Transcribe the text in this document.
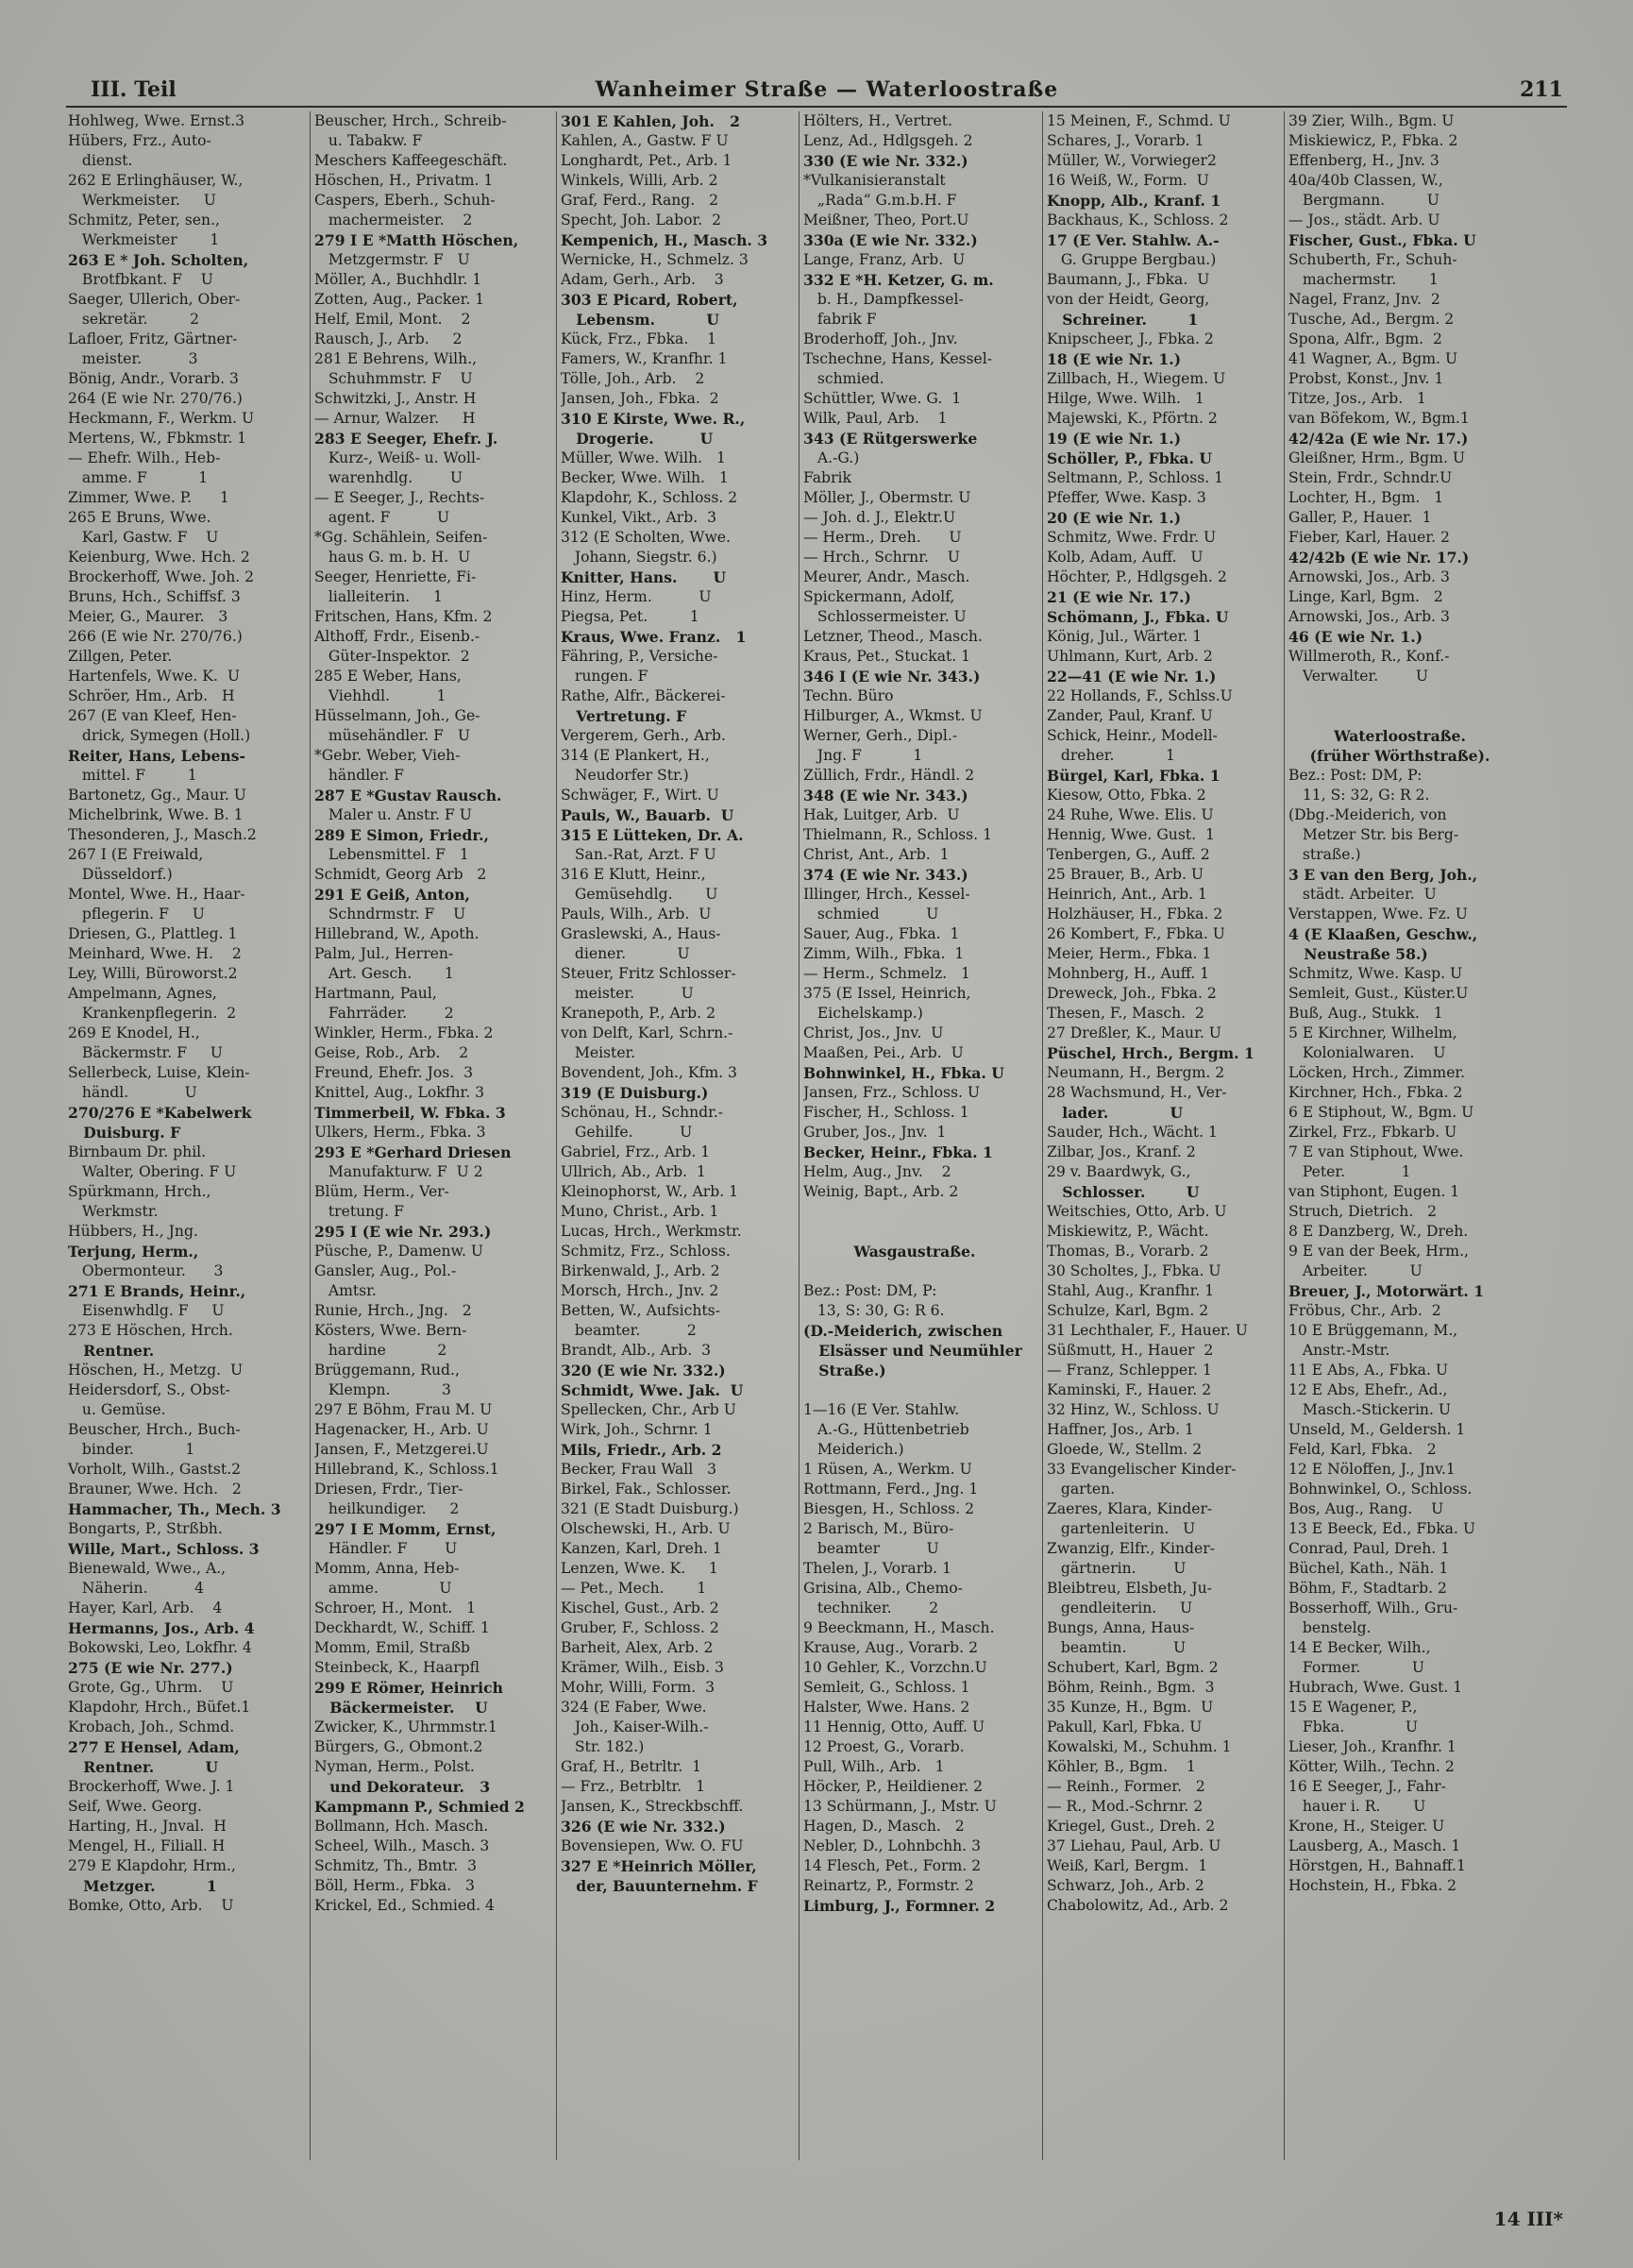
III. Teil	Wanheimer Straße — Waterloostraße	211
Hohlweg, Wwe. Ernst.3
Hübers, Frz., Auto-
dienst.
262 E Erlinghäuser, W.,
Werkmeister.     U
Schmitz, Peter, sen.,
Werkmeister       1
263 E * Joh. Scholten,
Brotfbkant. F    U
Saeger, Ullerich, Ober-
sekretär.         2
Lafloer, Fritz, Gärtner-
meister.          3
Bönig, Andr., Vorarb. 3
264 (E wie Nr. 270/76.)
Heckmann, F., Werkm. U
Mertens, W., Fbkmstr. 1
— Ehefr. Wilh., Heb-
amme. F           1
Zimmer, Wwe. P.      1
265 E Bruns, Wwe.
Karl, Gastw. F    U
Keienburg, Wwe. Hch. 2
Brockerhoff, Wwe. Joh. 2
Bruns, Hch., Schiffsf. 3
Meier, G., Maurer.   3
266 (E wie Nr. 270/76.)
Zillgen, Peter.
Hartenfels, Wwe. K.  U
Schröer, Hm., Arb.   H
267 (E van Kleef, Hen-
drick, Symegen (Holl.)
Reiter, Hans, Lebens-
mittel. F         1
Bartonetz, Gg., Maur. U
Michelbrink, Wwe. B. 1
Thesonderen, J., Masch.2
267 I (E Freiwald,
Düsseldorf.)
Montel, Wwe. H., Haar-
pflegerin. F     U
Driesen, G., Plattleg. 1
Meinhard, Wwe. H.    2
Ley, Willi, Büroworst.2
Ampelmann, Agnes,
Krankenpflegerin.  2
269 E Knodel, H.,
Bäckermstr. F     U
Sellerbeck, Luise, Klein-
händl.            U
270/276 E *Kabelwerk
Duisburg. F
Birnbaum Dr. phil.
Walter, Obering. F U
Spürkmann, Hrch.,
Werkmstr.
Hübbers, H., Jng.
Terjung, Herm.,
Obermonteur.      3
271 E Brands, Heinr.,
Eisenwhdlg. F     U
273 E Höschen, Hrch.
Rentner.
Höschen, H., Metzg.  U
Heidersdorf, S., Obst-
u. Gemüse.
Beuscher, Hrch., Buch-
binder.           1
Vorholt, Wilh., Gastst.2
Brauner, Wwe. Hch.   2
Hammacher, Th., Mech. 3
Bongarts, P., Strßbh.
Wille, Mart., Schloss. 3
Bienewald, Wwe., A.,
Näherin.          4
Hayer, Karl, Arb.    4
Hermanns, Jos., Arb. 4
Bokowski, Leo, Lokfhr. 4
275 (E wie Nr. 277.)
Grote, Gg., Uhrm.    U
Klapdohr, Hrch., Büfet.1
Krobach, Joh., Schmd.
277 E Hensel, Adam,
Rentner.          U
Brockerhoff, Wwe. J. 1
Seif, Wwe. Georg.
Harting, H., Jnval.  H
Mengel, H., Filiall. H
279 E Klapdohr, Hrm.,
Metzger.          1
Bomke, Otto, Arb.    U
Beuscher, Hrch., Schreib-
u. Tabakw. F
Meschers Kaffeegeschäft.
Höschen, H., Privatm. 1
Caspers, Eberh., Schuh-
machermeister.    2
279 I E *Matth Höschen,
Metzgermstr. F   U
Möller, A., Buchhdlr. 1
Zotten, Aug., Packer. 1
Helf, Emil, Mont.    2
Rausch, J., Arb.     2
281 E Behrens, Wilh.,
Schuhmmstr. F    U
Schwitzki, J., Anstr. H
— Arnur, Walzer.     H
283 E Seeger, Ehefr. J.
Kurz-, Weiß- u. Woll-
warenhdlg.        U
— E Seeger, J., Rechts-
agent. F          U
*Gg. Schählein, Seifen-
haus G. m. b. H.  U
Seeger, Henriette, Fi-
lialleiterin.     1
Fritschen, Hans, Kfm. 2
Althoff, Frdr., Eisenb.-
Güter-Inspektor.  2
285 E Weber, Hans,
Viehhdl.          1
Hüsselmann, Joh., Ge-
müsehändler. F   U
*Gebr. Weber, Vieh-
händler. F
287 E *Gustav Rausch.
Maler u. Anstr. F U
289 E Simon, Friedr.,
Lebensmittel. F   1
Schmidt, Georg Arb   2
291 E Geiß, Anton,
Schndrmstr. F    U
Hillebrand, W., Apoth.
Palm, Jul., Herren-
Art. Gesch.       1
Hartmann, Paul,
Fahrräder.        2
Winkler, Herm., Fbka. 2
Geise, Rob., Arb.    2
Freund, Ehefr. Jos.  3
Knittel, Aug., Lokfhr. 3
Timmerbeil, W. Fbka. 3
Ulkers, Herm., Fbka. 3
293 E *Gerhard Driesen
Manufakturw. F  U 2
Blüm, Herm., Ver-
tretung. F
295 I (E wie Nr. 293.)
Püsche, P., Damenw. U
Gansler, Aug., Pol.-
Amtsr.
Runie, Hrch., Jng.   2
Kösters, Wwe. Bern-
hardine           2
Brüggemann, Rud.,
Klempn.           3
297 E Böhm, Frau M. U
Hagenacker, H., Arb. U
Jansen, F., Metzgerei.U
Hillebrand, K., Schloss.1
Driesen, Frdr., Tier-
heilkundiger.     2
297 I E Momm, Ernst,
Händler. F        U
Momm, Anna, Heb-
amme.             U
Schroer, H., Mont.   1
Deckhardt, W., Schiff. 1
Momm, Emil, Straßb
Steinbeck, K., Haarpfl
299 E Römer, Heinrich
Bäckermeister.    U
Zwicker, K., Uhrmmstr.1
Bürgers, G., Obmont.2
Nyman, Herm., Polst.
und Dekorateur.   3
Kampmann P., Schmied 2
Bollmann, Hch. Masch.
Scheel, Wilh., Masch. 3
Schmitz, Th., Bmtr.  3
Böll, Herm., Fbka.   3
Krickel, Ed., Schmied. 4
301 E Kahlen, Joh.   2
Kahlen, A., Gastw. F U
Longhardt, Pet., Arb. 1
Winkels, Willi, Arb. 2
Graf, Ferd., Rang.   2
Specht, Joh. Labor.  2
Kempenich, H., Masch. 3
Wernicke, H., Schmelz. 3
Adam, Gerh., Arb.    3
303 E Picard, Robert,
Lebensm.          U
Kück, Frz., Fbka.    1
Famers, W., Kranfhr. 1
Tölle, Joh., Arb.    2
Jansen, Joh., Fbka.  2
310 E Kirste, Wwe. R.,
Drogerie.         U
Müller, Wwe. Wilh.   1
Becker, Wwe. Wilh.   1
Klapdohr, K., Schloss. 2
Kunkel, Vikt., Arb.  3
312 (E Scholten, Wwe.
Johann, Siegstr. 6.)
Knitter, Hans.       U
Hinz, Herm.          U
Piegsa, Pet.         1
Kraus, Wwe. Franz.   1
Fähring, P., Versiche-
rungen. F
Rathe, Alfr., Bäckerei-
Vertretung. F
Vergerem, Gerh., Arb.
314 (E Plankert, H.,
Neudorfer Str.)
Schwäger, F., Wirt. U
Pauls, W., Bauarb.  U
315 E Lütteken, Dr. A.
San.-Rat, Arzt. F U
316 E Klutt, Heinr.,
Gemüsehdlg.       U
Pauls, Wilh., Arb.  U
Graslewski, A., Haus-
diener.           U
Steuer, Fritz Schlosser-
meister.          U
Kranepoth, P., Arb. 2
von Delft, Karl, Schrn.-
Meister.
Bovendent, Joh., Kfm. 3
319 (E Duisburg.)
Schönau, H., Schndr.-
Gehilfe.          U
Gabriel, Frz., Arb. 1
Ullrich, Ab., Arb.  1
Kleinophorst, W., Arb. 1
Muno, Christ., Arb. 1
Lucas, Hrch., Werkmstr.
Schmitz, Frz., Schloss.
Birkenwald, J., Arb. 2
Morsch, Hrch., Jnv. 2
Betten, W., Aufsichts-
beamter.          2
Brandt, Alb., Arb.  3
320 (E wie Nr. 332.)
Schmidt, Wwe. Jak.  U
Spellecken, Chr., Arb U
Wirk, Joh., Schrnr. 1
Mils, Friedr., Arb. 2
Becker, Frau Wall   3
Birkel, Fak., Schlosser.
321 (E Stadt Duisburg.)
Olschewski, H., Arb. U
Kanzen, Karl, Dreh. 1
Lenzen, Wwe. K.     1
— Pet., Mech.       1
Kischel, Gust., Arb. 2
Gruber, F., Schloss. 2
Barheit, Alex, Arb. 2
Krämer, Wilh., Eisb. 3
Mohr, Willi, Form.  3
324 (E Faber, Wwe.
Joh., Kaiser-Wilh.-
Str. 182.)
Graf, H., Betrltr.  1
— Frz., Betrbltr.   1
Jansen, K., Streckbschff.
326 (E wie Nr. 332.)
Bovensiepen, Ww. O. FU
327 E *Heinrich Möller,
der, Bauunternehm. F
Hölters, H., Vertret.
Lenz, Ad., Hdlgsgeh. 2
330 (E wie Nr. 332.)
*Vulkanisieranstalt
„Rada“ G.m.b.H. F
Meißner, Theo, Port.U
330a (E wie Nr. 332.)
Lange, Franz, Arb.  U
332 E *H. Ketzer, G. m.
b. H., Dampfkessel-
fabrik F
Broderhoff, Joh., Jnv.
Tschechne, Hans, Kessel-
schmied.
Schüttler, Wwe. G.  1
Wilk, Paul, Arb.    1
343 (E Rütgerswerke
A.-G.)
Fabrik
Möller, J., Obermstr. U
— Joh. d. J., Elektr.U
— Herm., Dreh.      U
— Hrch., Schrnr.    U
Meurer, Andr., Masch.
Spickermann, Adolf,
Schlossermeister. U
Letzner, Theod., Masch.
Kraus, Pet., Stuckat. 1
346 I (E wie Nr. 343.)
Techn. Büro
Hilburger, A., Wkmst. U
Werner, Gerh., Dipl.-
Jng. F           1
Züllich, Frdr., Händl. 2
348 (E wie Nr. 343.)
Hak, Luitger, Arb.  U
Thielmann, R., Schloss. 1
Christ, Ant., Arb.  1
374 (E wie Nr. 343.)
Illinger, Hrch., Kessel-
schmied          U
Sauer, Aug., Fbka.  1
Zimm, Wilh., Fbka.  1
— Herm., Schmelz.   1
375 (E Issel, Heinrich,
Eichelskamp.)
Christ, Jos., Jnv.  U
Maaßen, Pei., Arb.  U
Bohnwinkel, H., Fbka. U
Jansen, Frz., Schloss. U
Fischer, H., Schloss. 1
Gruber, Jos., Jnv.  1
Becker, Heinr., Fbka. 1
Helm, Aug., Jnv.    2
Weinig, Bapt., Arb. 2
Wasgaustraße.
Bez.: Post: DM, P:
13, S: 30, G: R 6.
(D.-Meiderich, zwischen
Elsässer und Neumühler
Straße.)
1—16 (E Ver. Stahlw.
A.-G., Hüttenbetrieb
Meiderich.)
1 Rüsen, A., Werkm. U
Rottmann, Ferd., Jng. 1
Biesgen, H., Schloss. 2
2 Barisch, M., Büro-
beamter          U
Thelen, J., Vorarb. 1
Grisina, Alb., Chemo-
techniker.        2
9 Beeckmann, H., Masch.
Krause, Aug., Vorarb. 2
10 Gehler, K., Vorzchn.U
Semleit, G., Schloss. 1
Halster, Wwe. Hans. 2
11 Hennig, Otto, Auff. U
12 Proest, G., Vorarb.
Pull, Wilh., Arb.   1
Höcker, P., Heildiener. 2
13 Schürmann, J., Mstr. U
Hagen, D., Masch.   2
Nebler, D., Lohnbchh. 3
14 Flesch, Pet., Form. 2
Reinartz, P., Formstr. 2
Limburg, J., Formner. 2
15 Meinen, F., Schmd. U
Schares, J., Vorarb. 1
Müller, W., Vorwieger2
16 Weiß, W., Form.  U
Knopp, Alb., Kranf. 1
Backhaus, K., Schloss. 2
17 (E Ver. Stahlw. A.-
G. Gruppe Bergbau.)
Baumann, J., Fbka.  U
von der Heidt, Georg,
Schreiner.        1
Knipscheer, J., Fbka. 2
18 (E wie Nr. 1.)
Zillbach, H., Wiegem. U
Hilge, Wwe. Wilh.   1
Majewski, K., Pförtn. 2
19 (E wie Nr. 1.)
Schöller, P., Fbka. U
Seltmann, P., Schloss. 1
Pfeffer, Wwe. Kasp. 3
20 (E wie Nr. 1.)
Schmitz, Wwe. Frdr. U
Kolb, Adam, Auff.   U
Höchter, P., Hdlgsgeh. 2
21 (E wie Nr. 17.)
Schömann, J., Fbka. U
König, Jul., Wärter. 1
Uhlmann, Kurt, Arb. 2
22—41 (E wie Nr. 1.)
22 Hollands, F., Schlss.U
Zander, Paul, Kranf. U
Schick, Heinr., Modell-
dreher.           1
Bürgel, Karl, Fbka. 1
Kiesow, Otto, Fbka. 2
24 Ruhe, Wwe. Elis. U
Hennig, Wwe. Gust.  1
Tenbergen, G., Auff. 2
25 Brauer, B., Arb. U
Heinrich, Ant., Arb. 1
Holzhäuser, H., Fbka. 2
26 Kombert, F., Fbka. U
Meier, Herm., Fbka. 1
Mohnberg, H., Auff. 1
Dreweck, Joh., Fbka. 2
Thesen, F., Masch.  2
27 Dreßler, K., Maur. U
Püschel, Hrch., Bergm. 1
Neumann, H., Bergm. 2
28 Wachsmund, H., Ver-
lader.            U
Sauder, Hch., Wächt. 1
Zilbar, Jos., Kranf. 2
29 v. Baardwyk, G.,
Schlosser.        U
Weitschies, Otto, Arb. U
Miskiewitz, P., Wächt.
Thomas, B., Vorarb. 2
30 Scholtes, J., Fbka. U
Stahl, Aug., Kranfhr. 1
Schulze, Karl, Bgm. 2
31 Lechthaler, F., Hauer. U
Süßmutt, H., Hauer  2
— Franz, Schlepper. 1
Kaminski, F., Hauer. 2
32 Hinz, W., Schloss. U
Haffner, Jos., Arb. 1
Gloede, W., Stellm. 2
33 Evangelischer Kinder-
garten.
Zaeres, Klara, Kinder-
gartenleiterin.   U
Zwanzig, Elfr., Kinder-
gärtnerin.        U
Bleibtreu, Elsbeth, Ju-
gendleiterin.     U
Bungs, Anna, Haus-
beamtin.          U
Schubert, Karl, Bgm. 2
Böhm, Reinh., Bgm.  3
35 Kunze, H., Bgm.  U
Pakull, Karl, Fbka. U
Kowalski, M., Schuhm. 1
Köhler, B., Bgm.    1
— Reinh., Former.   2
— R., Mod.-Schrnr. 2
Kriegel, Gust., Dreh. 2
37 Liehau, Paul, Arb. U
Weiß, Karl, Bergm.  1
Schwarz, Joh., Arb. 2
Chabolowitz, Ad., Arb. 2
39 Zier, Wilh., Bgm. U
Miskiewicz, P., Fbka. 2
Effenberg, H., Jnv. 3
40a/40b Classen, W.,
Bergmann.         U
— Jos., städt. Arb. U
Fischer, Gust., Fbka. U
Schuberth, Fr., Schuh-
machermstr.       1
Nagel, Franz, Jnv.  2
Tusche, Ad., Bergm. 2
Spona, Alfr., Bgm.  2
41 Wagner, A., Bgm. U
Probst, Konst., Jnv. 1
Titze, Jos., Arb.   1
van Böfekom, W., Bgm.1
42/42a (E wie Nr. 17.)
Gleißner, Hrm., Bgm. U
Stein, Frdr., Schndr.U
Lochter, H., Bgm.   1
Galler, P., Hauer.  1
Fieber, Karl, Hauer. 2
42/42b (E wie Nr. 17.)
Arnowski, Jos., Arb. 3
Linge, Karl, Bgm.   2
Arnowski, Jos., Arb. 3
46 (E wie Nr. 1.)
Willmeroth, R., Konf.-
Verwalter.        U
Waterloostraße.
(früher Wörthstraße).
Bez.: Post: DM, P:
11, S: 32, G: R 2.
(Dbg.-Meiderich, von
Metzer Str. bis Berg-
straße.)
3 E van den Berg, Joh.,
städt. Arbeiter.  U
Verstappen, Wwe. Fz. U
4 (E Klaaßen, Geschw.,
Neustraße 58.)
Schmitz, Wwe. Kasp. U
Semleit, Gust., Küster.U
Buß, Aug., Stukk.   1
5 E Kirchner, Wilhelm,
Kolonialwaren.    U
Löcken, Hrch., Zimmer.
Kirchner, Hch., Fbka. 2
6 E Stiphout, W., Bgm. U
Zirkel, Frz., Fbkarb. U
7 E van Stiphout, Wwe.
Peter.            1
van Stiphont, Eugen. 1
Struch, Dietrich.   2
8 E Danzberg, W., Dreh.
9 E van der Beek, Hrm.,
Arbeiter.         U
Breuer, J., Motorwärt. 1
Fröbus, Chr., Arb.  2
10 E Brüggemann, M.,
Anstr.-Mstr.
11 E Abs, A., Fbka. U
12 E Abs, Ehefr., Ad.,
Masch.-Stickerin. U
Unseld, M., Geldersh. 1
Feld, Karl, Fbka.   2
12 E Nöloffen, J., Jnv.1
Bohnwinkel, O., Schloss.
Bos, Aug., Rang.    U
13 E Beeck, Ed., Fbka. U
Conrad, Paul, Dreh. 1
Büchel, Kath., Näh. 1
Böhm, F., Stadtarb. 2
Bosserhoff, Wilh., Gru-
benstelg.
14 E Becker, Wilh.,
Former.           U
Hubrach, Wwe. Gust. 1
15 E Wagener, P.,
Fbka.             U
Lieser, Joh., Kranfhr. 1
Kötter, Wilh., Techn. 2
16 E Seeger, J., Fahr-
hauer i. R.       U
Krone, H., Steiger. U
Lausberg, A., Masch. 1
Hörstgen, H., Bahnaff.1
Hochstein, H., Fbka. 2
14 III*
